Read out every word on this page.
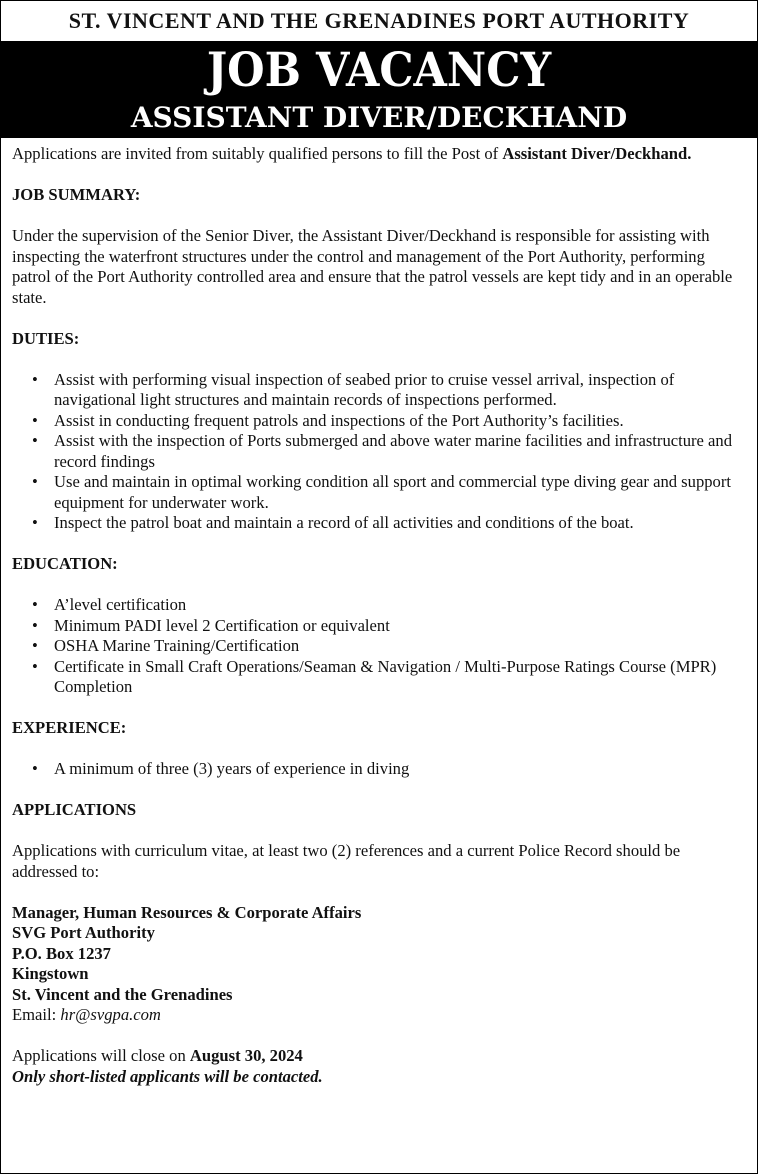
ST. VINCENT AND THE GRENADINES PORT AUTHORITY
JOB VACANCY
ASSISTANT DIVER/DECKHAND

Applications are invited from suitably qualified persons to fill the Post of Assistant Diver/Deckhand.

JOB SUMMARY:

Under the supervision of the Senior Diver, the Assistant Diver/Deckhand is responsible for assisting with inspecting the waterfront structures under the control and management of the Port Authority, performing patrol of the Port Authority controlled area and ensure that the patrol vessels are kept tidy and in an operable state.

DUTIES:

• Assist with performing visual inspection of seabed prior to cruise vessel arrival, inspection of navigational light structures and maintain records of inspections performed.
• Assist in conducting frequent patrols and inspections of the Port Authority’s facilities.
• Assist with the inspection of Ports submerged and above water marine facilities and infrastructure and record findings
• Use and maintain in optimal working condition all sport and commercial type diving gear and support equipment for underwater work.
• Inspect the patrol boat and maintain a record of all activities and conditions of the boat.

EDUCATION:

• A’level certification
• Minimum PADI level 2 Certification or equivalent
• OSHA Marine Training/Certification
• Certificate in Small Craft Operations/Seaman & Navigation / Multi-Purpose Ratings Course (MPR) Completion

EXPERIENCE:

• A minimum of three (3) years of experience in diving

APPLICATIONS

Applications with curriculum vitae, at least two (2) references and a current Police Record should be addressed to:

Manager, Human Resources & Corporate Affairs

SVG Port Authority

P.O. Box 1237

Kingstown

St. Vincent and the Grenadines

Email: hr@svgpa.com

Applications will close on August 30, 2024

Only short-listed applicants will be contacted.
